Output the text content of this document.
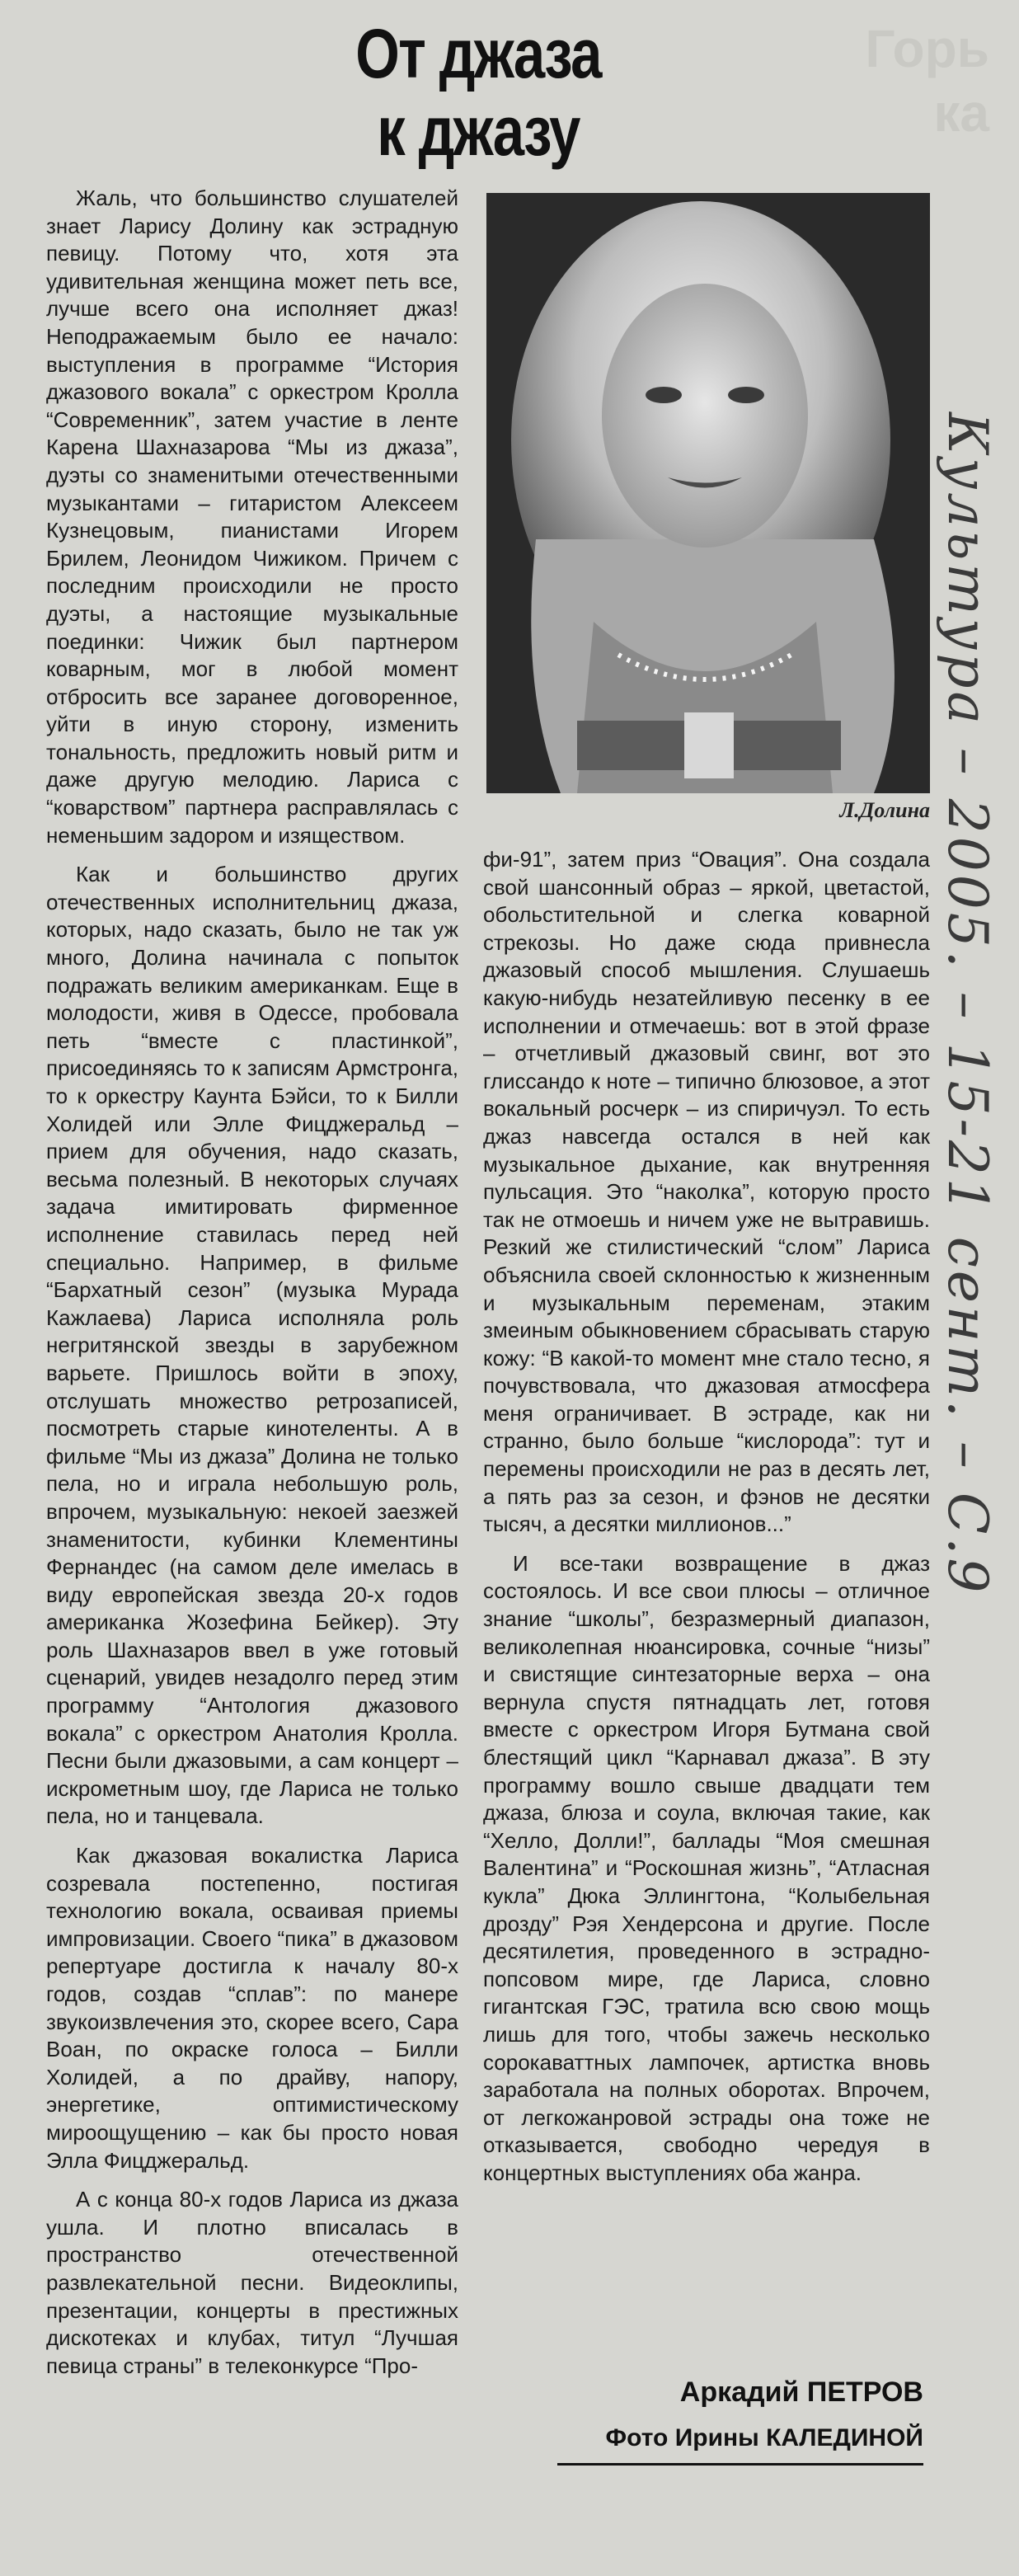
Горь
ка
От джаза
к джазу

Жаль, что большинство слушателей знает Ларису Долину как эстрадную певицу. Потому что, хотя эта удивительная женщина может петь все, лучше всего она исполняет джаз! Неподражаемым было ее начало: выступления в программе “История джазового вокала” с оркестром Кролла “Современник”, затем участие в ленте Карена Шахназарова “Мы из джаза”, дуэты со знаменитыми отечественными музыкантами – гитаристом Алексеем Кузнецовым, пианистами Игорем Брилем, Леонидом Чижиком. Причем с последним происходили не просто дуэты, а настоящие музыкальные поединки: Чижик был партнером коварным, мог в любой момент отбросить все заранее договоренное, уйти в иную сторону, изменить тональность, предложить новый ритм и даже другую мелодию. Лариса с “коварством” партнера расправлялась с неменьшим задором и изяществом.

Как и большинство других отечественных исполнительниц джаза, которых, надо сказать, было не так уж много, Долина начинала с попыток подражать великим американкам. Еще в молодости, живя в Одессе, пробовала петь “вместе с пластинкой”, присоединяясь то к записям Армстронга, то к оркестру Каунта Бэйси, то к Билли Холидей или Элле Фицджеральд – прием для обучения, надо сказать, весьма полезный. В некоторых случаях задача имитировать фирменное исполнение ставилась перед ней специально. Например, в фильме “Бархатный сезон” (музыка Мурада Кажлаева) Лариса исполняла роль негритянской звезды в зарубежном варьете. Пришлось войти в эпоху, отслушать множество ретрозаписей, посмотреть старые кинотеленты. А в фильме “Мы из джаза” Долина не только пела, но и играла небольшую роль, впрочем, музыкальную: некоей заезжей знаменитости, кубинки Клементины Фернандес (на самом деле имелась в виду европейская звезда 20-х годов американка Жозефина Бейкер). Эту роль Шахназаров ввел в уже готовый сценарий, увидев незадолго перед этим программу “Антология джазового вокала” с оркестром Анатолия Кролла. Песни были джазовыми, а сам концерт – искрометным шоу, где Лариса не только пела, но и танцевала.

Как джазовая вокалистка Лариса созревала постепенно, постигая технологию вокала, осваивая приемы импровизации. Своего “пика” в джазовом репертуаре достигла к началу 80-х годов, создав “сплав”: по манере звукоизвлечения это, скорее всего, Сара Воан, по окраске голоса – Билли Холидей, а по драйву, напору, энергетике, оптимистическому мироощущению – как бы просто новая Элла Фицджеральд.

А с конца 80-х годов Лариса из джаза ушла. И плотно вписалась в пространство отечественной развлекательной песни. Видеоклипы, презентации, концерты в престижных дискотеках и клубах, титул “Лучшая певица страны” в телеконкурсе “Про-

Л.Долина Культура – 2005. – 15-21 сент. – С.9

фи-91”, затем приз “Овация”. Она создала свой шансонный образ – яркой, цветастой, обольстительной и слегка коварной стрекозы. Но даже сюда привнесла джазовый способ мышления. Слушаешь какую-нибудь незатейливую песенку в ее исполнении и отмечаешь: вот в этой фразе – отчетливый джазовый свинг, вот это глиссандо к ноте – типично блюзовое, а этот вокальный росчерк – из спиричуэл. То есть джаз навсегда остался в ней как музыкальное дыхание, как внутренняя пульсация. Это “наколка”, которую просто так не отмоешь и ничем уже не вытравишь. Резкий же стилистический “слом” Лариса объяснила своей склонностью к жизненным и музыкальным переменам, этаким змеиным обыкновением сбрасывать старую кожу: “В какой-то момент мне стало тесно, я почувствовала, что джазовая атмосфера меня ограничивает. В эстраде, как ни странно, было больше “кислорода”: тут и перемены происходили не раз в десять лет, а пять раз за сезон, и фэнов не десятки тысяч, а десятки миллионов...”

И все-таки возвращение в джаз состоялось. И все свои плюсы – отличное знание “школы”, безразмерный диапазон, великолепная нюансировка, сочные “низы” и свистящие синтезаторные верха – она вернула спустя пятнадцать лет, готовя вместе с оркестром Игоря Бутмана свой блестящий цикл “Карнавал джаза”. В эту программу вошло свыше двадцати тем джаза, блюза и соула, включая такие, как “Хелло, Долли!”, баллады “Моя смешная Валентина” и “Роскошная жизнь”, “Атласная кукла” Дюка Эллингтона, “Колыбельная дрозду” Рэя Хендерсона и другие. После десятилетия, проведенного в эстрадно-попсовом мире, где Лариса, словно гигантская ГЭС, тратила всю свою мощь лишь для того, чтобы зажечь несколько сорокаваттных лампочек, артистка вновь заработала на полных оборотах. Впрочем, от легкожанровой эстрады она тоже не отказывается, свободно чередуя в концертных выступлениях оба жанра.

Аркадий ПЕТРОВ
Фото Ирины КАЛЕДИНОЙ
